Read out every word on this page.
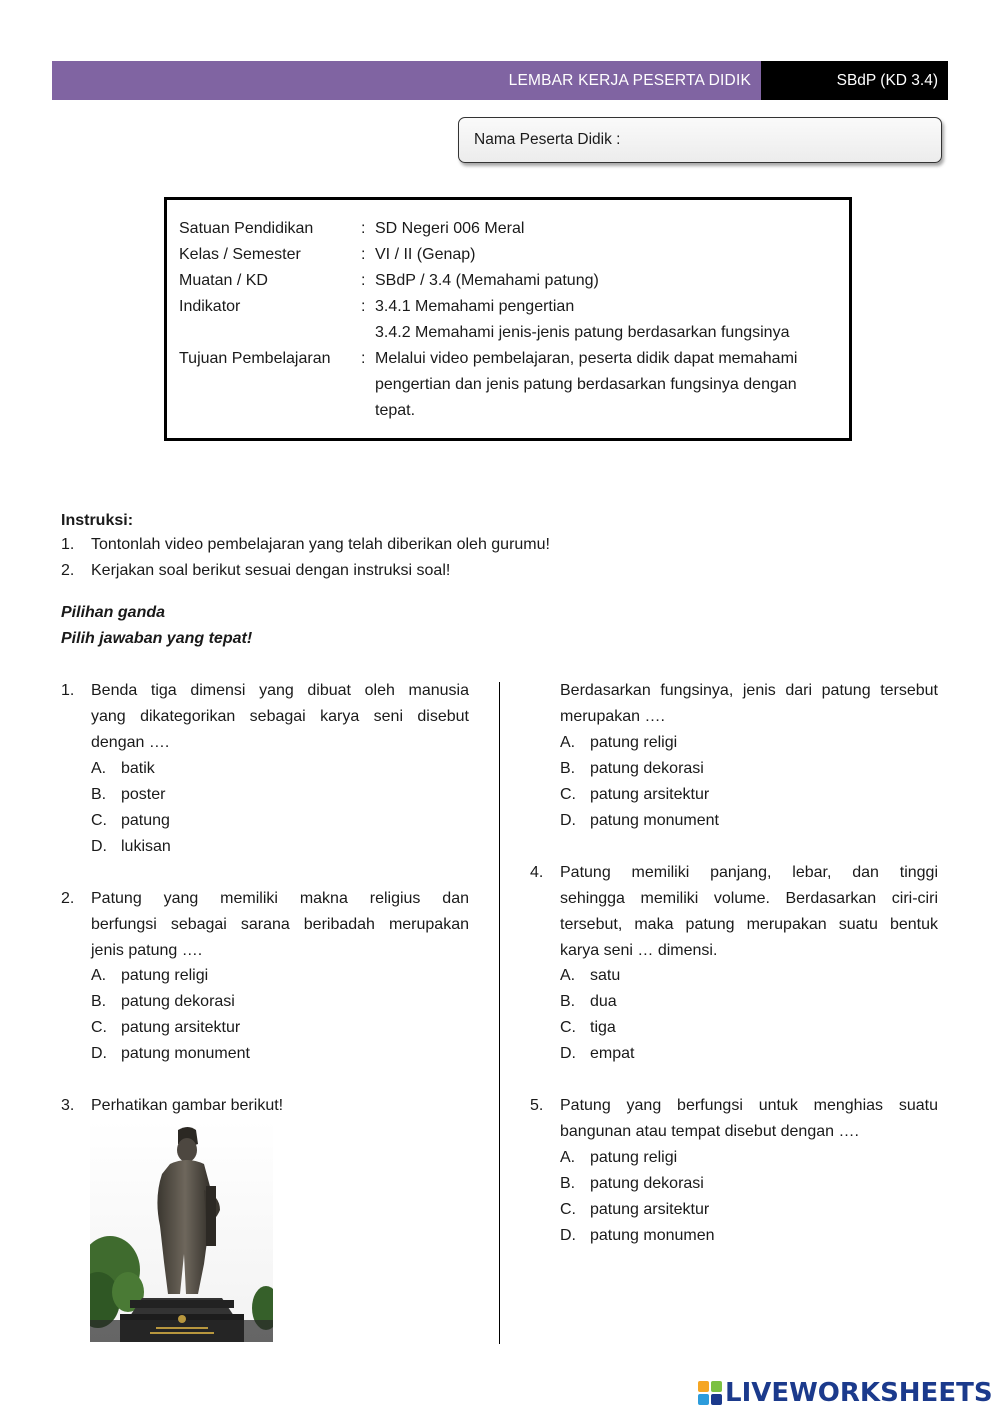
LEMBAR KERJA PESERTA DIDIK	SBdP (KD 3.4)
Nama Peserta Didik :
Satuan Pendidikan	: SD Negeri 006 Meral
Kelas / Semester	: VI / II (Genap)
Muatan / KD	: SBdP / 3.4 (Memahami patung)
Indikator	: 3.4.1 Memahami pengertian
3.4.2 Memahami jenis-jenis patung berdasarkan fungsinya
Tujuan Pembelajaran	: Melalui video pembelajaran, peserta didik dapat memahami
pengertian dan jenis patung berdasarkan fungsinya dengan
tepat.
Instruksi:
1. Tontonlah video pembelajaran yang telah diberikan oleh gurumu!
2. Kerjakan soal berikut sesuai dengan instruksi soal!
Pilihan ganda
Pilih jawaban yang tepat!
1.	Benda tiga dimensi yang dibuat oleh manusia
yang dikategorikan sebagai karya seni disebut
dengan ….
A. batik
B. poster
C. patung
D. lukisan
2.	Patung yang memiliki makna religius dan
berfungsi sebagai sarana beribadah merupakan
jenis patung ….
A. patung religi
B. patung dekorasi
C. patung arsitektur
D. patung monument
3.	Perhatikan gambar berikut!
Berdasarkan fungsinya, jenis dari patung tersebut
merupakan ….
A. patung religi
B. patung dekorasi
C. patung arsitektur
D. patung monument
4.	Patung memiliki panjang, lebar, dan tinggi
sehingga memiliki volume. Berdasarkan ciri-ciri
tersebut, maka patung merupakan suatu bentuk
karya seni … dimensi.
A. satu
B. dua
C. tiga
D. empat
5.	Patung yang berfungsi untuk menghias suatu
bangunan atau tempat disebut dengan ….
A. patung religi
B. patung dekorasi
C. patung arsitektur
D. patung monumen
LIVEWORKSHEETS
